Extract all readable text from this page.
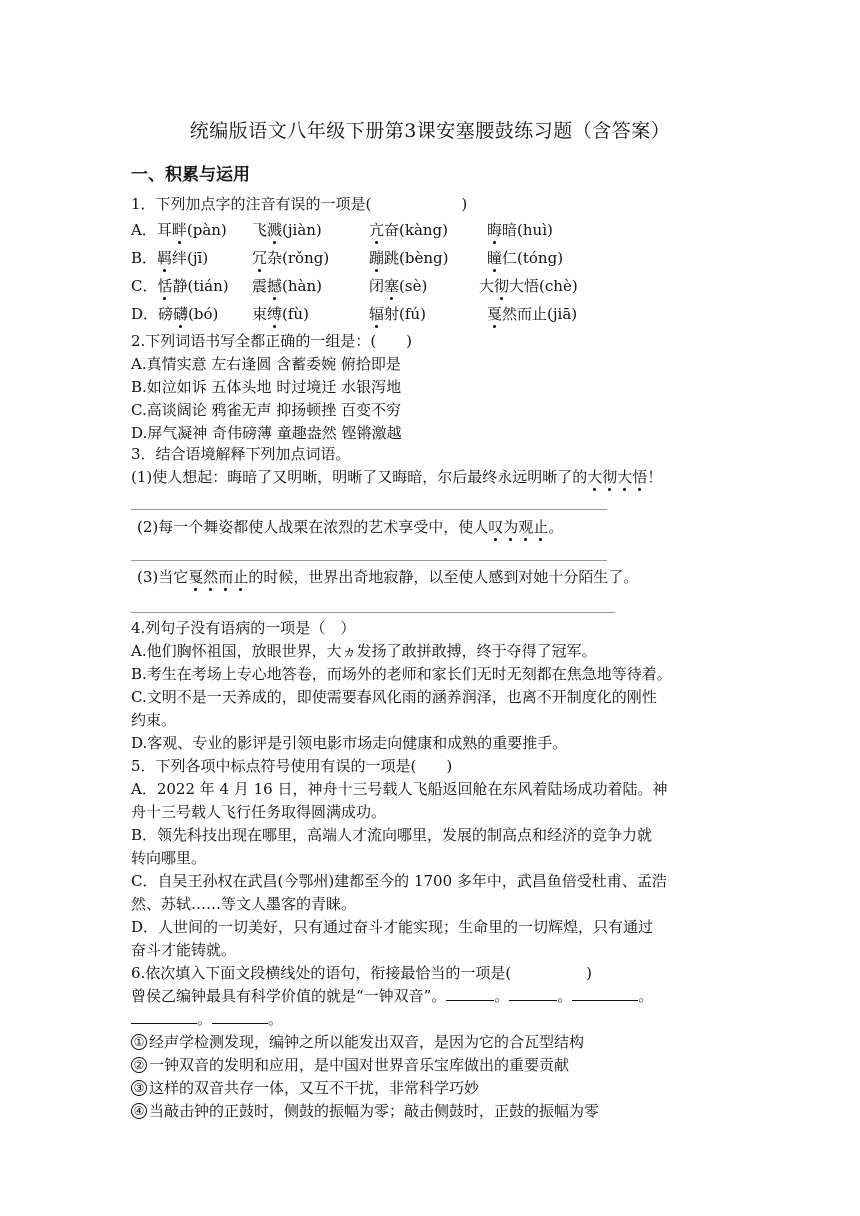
统编版语文八年级下册第3课安塞腰鼓练习题（含答案）
一、积累与运用
1．下列加点字的注音有误的一项是(　　　　　　)
A．耳畔(pàn) 飞溅(jiàn)	亢奋(kàng)	晦暗(huì)
B．羁绊(jī)	冗杂(rǒng)	蹦跳(bèng)	瞳仁(tóng)
C．恬静(tián) 震撼(hàn)	闭塞(sè)	大彻大悟(chè)
D．磅礴(bó) 束缚(fù)	辐射(fú)	戛然而止(jiā)
2.下列词语书写全都正确的一组是：(　　)
A.真情实意 左右逢圆 含蓄委婉 俯拾即是
B.如泣如诉 五体头地 时过境迁 水银泻地
C.高谈阔论 鸦雀无声 抑扬顿挫 百变不穷
D.屏气凝神 奇伟磅薄 童趣盎然 铿锵激越
3．结合语境解释下列加点词语。
(1)使人想起：晦暗了又明晰，明晰了又晦暗，尔后最终永远明晰了的大彻大悟！
(2)每一个舞姿都使人战栗在浓烈的艺术享受中，使人叹为观止。
(3)当它戛然而止的时候，世界出奇地寂静，以至使人感到对她十分陌生了。
4.列句子没有语病的一项是（　）
A.他们胸怀祖国，放眼世界，大ヵ发扬了敢拼敢搏，终于夺得了冠军。
B.考生在考场上专心地答卷，而场外的老师和家长们无时无刻都在焦急地等待着。
C.文明不是一天养成的，即使需要春风化雨的涵养润泽，也离不开制度化的刚性
约束。
D.客观、专业的影评是引领电影市场走向健康和成熟的重要推手。
5．下列各项中标点符号使用有误的一项是(　　)
A．2022 年 4 月 16 日，神舟十三号载人飞船返回舱在东风着陆场成功着陆。神
舟十三号载人飞行任务取得圆满成功。
B．领先科技出现在哪里，高端人才流向哪里，发展的制高点和经济的竞争力就
转向哪里。
C．自吴王孙权在武昌(今鄂州)建都至今的 1700 多年中，武昌鱼倍受杜甫、孟浩
然、苏轼……等文人墨客的青睐。
D．人世间的一切美好，只有通过奋斗才能实现；生命里的一切辉煌，只有通过
奋斗才能铸就。
6.依次填入下面文段横线处的语句，衔接最恰当的一项是(　　　　　)
曾侯乙编钟最具有科学价值的就是“一钟双音”。	。	。	。
。	。
① 经声学检测发现，编钟之所以能发出双音，是因为它的合瓦型结构
② 一钟双音的发明和应用，是中国对世界音乐宝库做出的重要贡献
③ 这样的双音共存一体，又互不干扰，非常科学巧妙
④ 当敲击钟的正鼓时，侧鼓的振幅为零；敲击侧鼓时，正鼓的振幅为零
